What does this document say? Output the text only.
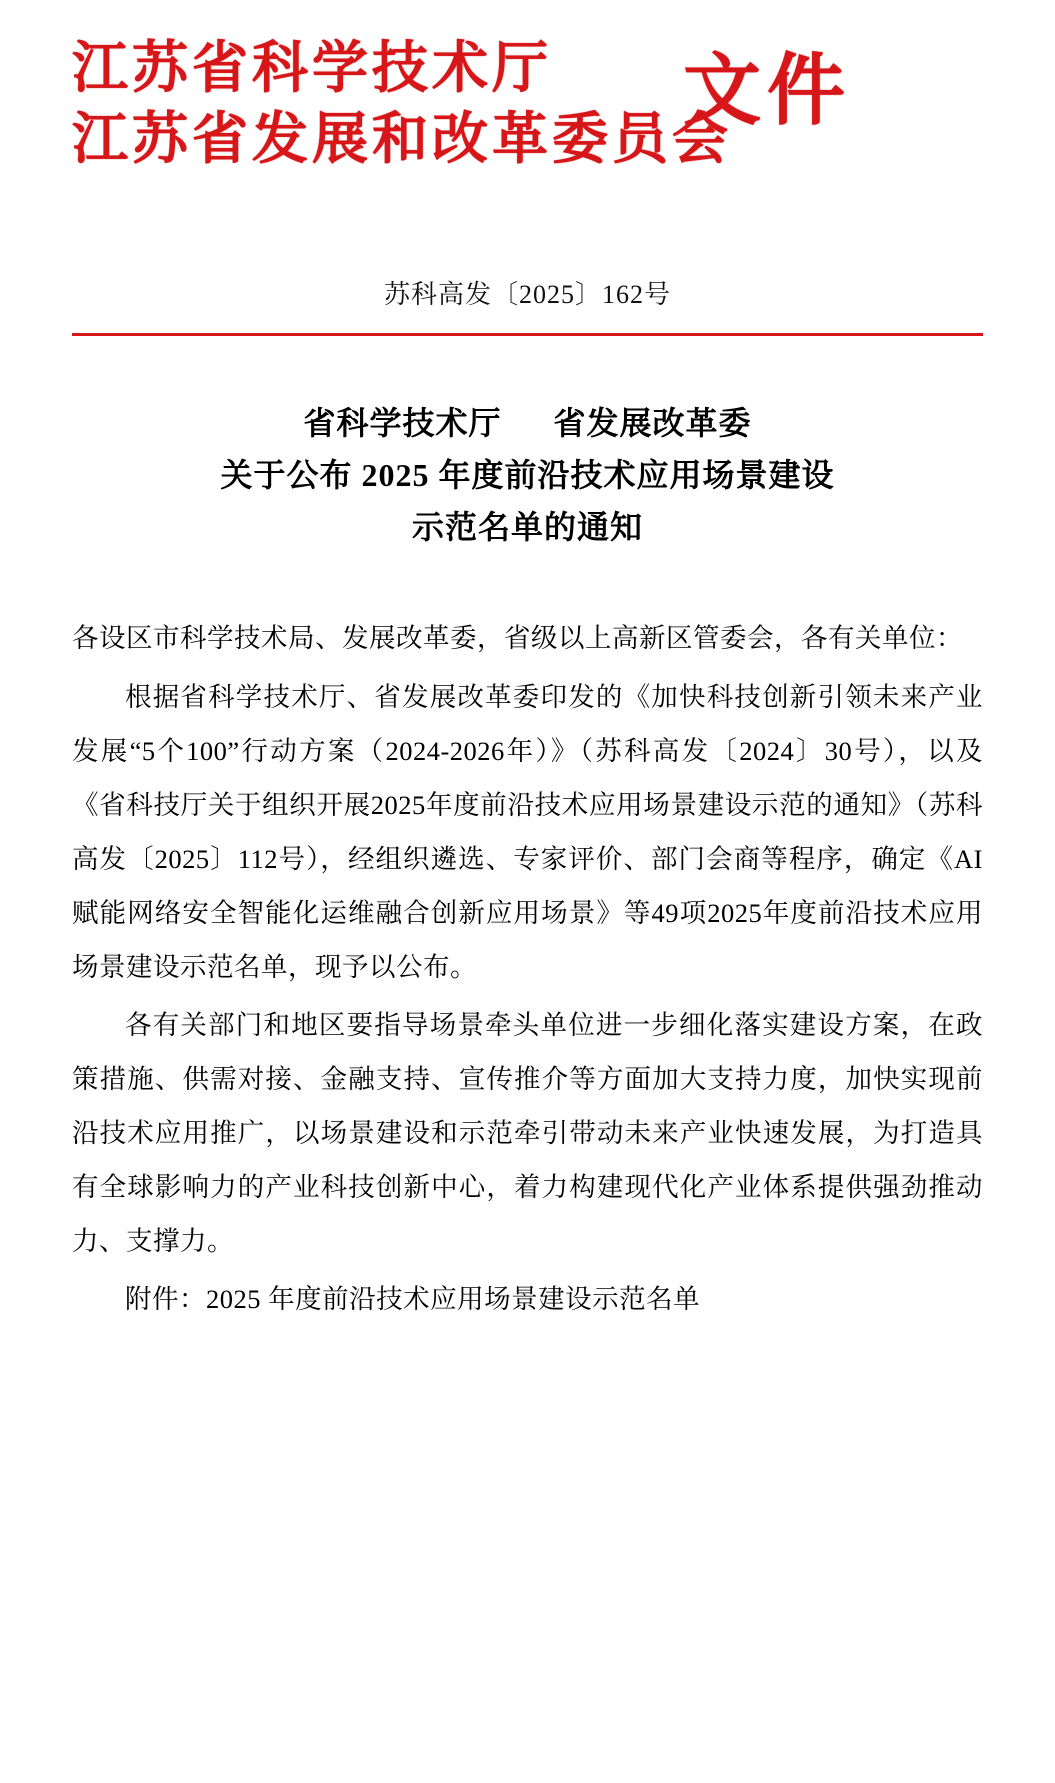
江苏省科学技术厅
江苏省发展和改革委员会
文件
苏科高发〔2025〕162号
省科学技术厅 省发展改革委
关于公布 2025 年度前沿技术应用场景建设
示范名单的通知

各设区市科学技术局、发展改革委，省级以上高新区管委会，各有关单位：

根据省科学技术厅、省发展改革委印发的《加快科技创新引领未来产业发展“5个100”行动方案（2024-2026年）》（苏科高发〔2024〕30号），以及《省科技厅关于组织开展2025年度前沿技术应用场景建设示范的通知》（苏科高发〔2025〕112号），经组织遴选、专家评价、部门会商等程序，确定《AI赋能网络安全智能化运维融合创新应用场景》等49项2025年度前沿技术应用场景建设示范名单，现予以公布。

各有关部门和地区要指导场景牵头单位进一步细化落实建设方案，在政策措施、供需对接、金融支持、宣传推介等方面加大支持力度，加快实现前沿技术应用推广，以场景建设和示范牵引带动未来产业快速发展，为打造具有全球影响力的产业科技创新中心，着力构建现代化产业体系提供强劲推动力、支撑力。

附件：2025 年度前沿技术应用场景建设示范名单
